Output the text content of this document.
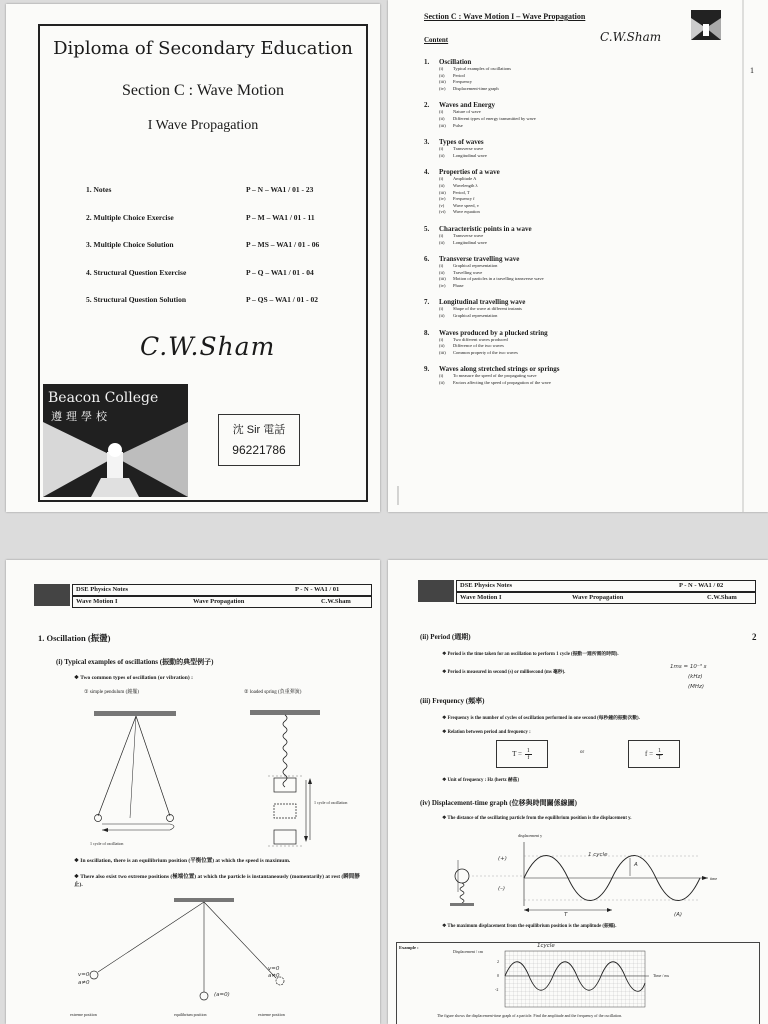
Diploma of Secondary Education
Section C : Wave Motion
I Wave Propagation
1. Notes	P – N – WA1 / 01 - 23
2. Multiple Choice Exercise	P – M – WA1 / 01 - 11
3. Multiple Choice Solution	P – MS – WA1 / 01 - 06
4. Structural Question Exercise	P – Q – WA1 / 01 - 04
5. Structural Question Solution	P – QS – WA1 / 01 - 02
C.W.Sham
Beacon College
遵理學校
沈 Sir 電話
96221786
Section C : Wave Motion I – Wave Propagation
Content	C.W.Sham
1
1. Oscillation
(i) Typical examples of oscillations
(ii) Period
(iii) Frequency
(iv) Displacement-time graph
2. Waves and Energy
(i) Nature of wave
(ii) Different types of energy transmitted by wave
(iii) Pulse
3. Types of waves
(i) Transverse wave
(ii) Longitudinal wave
4. Properties of a wave
(i) Amplitude A
(ii) Wavelength λ
(iii) Period, T
(iv) Frequency f
(v) Wave speed, v
(vi) Wave equation
5. Characteristic points in a wave
(i) Transverse wave
(ii) Longitudinal wave
6. Transverse travelling wave
(i) Graphical representation
(ii) Travelling wave
(iii) Motion of particles in a travelling transverse wave
(iv) Phase
7. Longitudinal travelling wave
(i) Shape of the wave at different instants
(ii) Graphical representation
8. Waves produced by a plucked string
(i) Two different waves produced
(ii) Difference of the two waves
(iii) Common property of the two waves
9. Waves along stretched strings or springs
(i) To measure the speed of the propagating wave
(ii) Factors affecting the speed of propagation of the wave
DSE Physics Notes	P - N - WA1 / 01
Wave Motion I	Wave Propagation	C.W.Sham
1. Oscillation (振盪)
(i) Typical examples of oscillations (振動的典型例子)
❖ Two common types of oscillation (or vibration) :
① simple pendulum (鐘擺)	② loaded spring (負重彈簧)
1 cycle of oscillation
1 cycle of oscillation
❖ In oscillation, there is an equilibrium position (平衡位置) at which the speed is maximum.
❖ There also exist two extreme positions (極端位置) at which the particle is instantaneously (momentarily) at rest (瞬間靜止).
v=0
a≠0
(a=0)
v=0
a≠0
extreme position	equilibrium position	extreme position
DSE Physics Notes	P - N - WA1 / 02
Wave Motion I	Wave Propagation	C.W.Sham
2
(ii) Period (週期)
❖ Period is the time taken for an oscillation to perform 1 cycle (振動一週所需的時間).
❖ Period is measured in second (s) or millisecond (ms 毫秒).
1ms = 10⁻³ s
(kHz)
(MHz)
(iii) Frequency (頻率)
❖ Frequency is the number of cycles of oscillation performed in one second (每秒鐘的振動次數).
❖ Relation between period and frequency :
$T = \frac{1}{f}$	or	$f = \frac{1}{T}$
❖ Unit of frequency : Hz (hertz 赫茲)
(iv) Displacement-time graph (位移與時間關係線圖)
❖ The distance of the oscillating particle from the equilibrium position is the displacement y.
displacement y
time
(+)
(–)
1 cycle
A
T	(A)
❖ The maximum displacement from the equilibrium position is the amplitude (振幅).
Example :
Displacement / cm
Time / ms
1cycle
2
0
-2
The figure shows the displacement-time graph of a particle. Find the amplitude and the frequency of the oscillation.
